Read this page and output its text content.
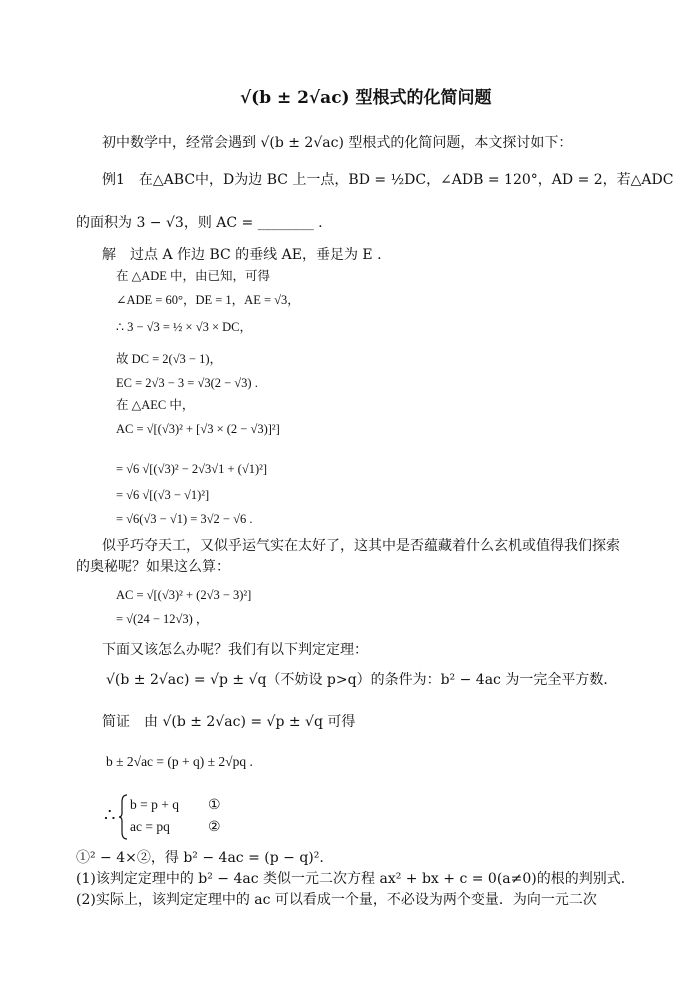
√(b ± 2√ac) 型根式的化简问题
初中数学中，经常会遇到 √(b ± 2√ac) 型根式的化简问题，本文探讨如下：
例1　在△ABC中，D为边 BC 上一点，BD = ½DC，∠ADB = 120°，AD = 2，若△ADC
的面积为 3 − √3，则 AC = ________ .
解　过点 A 作边 BC 的垂线 AE，垂足为 E .
在 △ADE 中，由已知，可得
∠ADE = 60°，DE = 1，AE = √3，
∴ 3 − √3 = ½ × √3 × DC，
故 DC = 2(√3 − 1)，
EC = 2√3 − 3 = √3(2 − √3) .
在 △AEC 中，
AC = √[(√3)² + [√3 × (2 − √3)]²]
= √6 √[(√3)² − 2√3√1 + (√1)²]
= √6 √[(√3 − √1)²]
= √6(√3 − √1) = 3√2 − √6 .
似乎巧夺天工，又似乎运气实在太好了，这其中是否蕴藏着什么玄机或值得我们探索
的奥秘呢？如果这么算：
AC = √[(√3)² + (2√3 − 3)²]
= √(24 − 12√3) ，
下面又该怎么办呢？我们有以下判定定理：
√(b ± 2√ac) = √p ± √q（不妨设 p>q）的条件为：b² − 4ac 为一完全平方数．
简证　由 √(b ± 2√ac) = √p ± √q 可得
b ± 2√ac = (p + q) ± 2√pq .
∴
b = p + q
ac = pq
①
②
①² − 4×②，得 b² − 4ac = (p − q)².
(1)该判定定理中的 b² − 4ac 类似一元二次方程 ax² + bx + c = 0(a≠0)的根的判别式．
(2)实际上，该判定定理中的 ac 可以看成一个量，不必设为两个变量．为向一元二次
